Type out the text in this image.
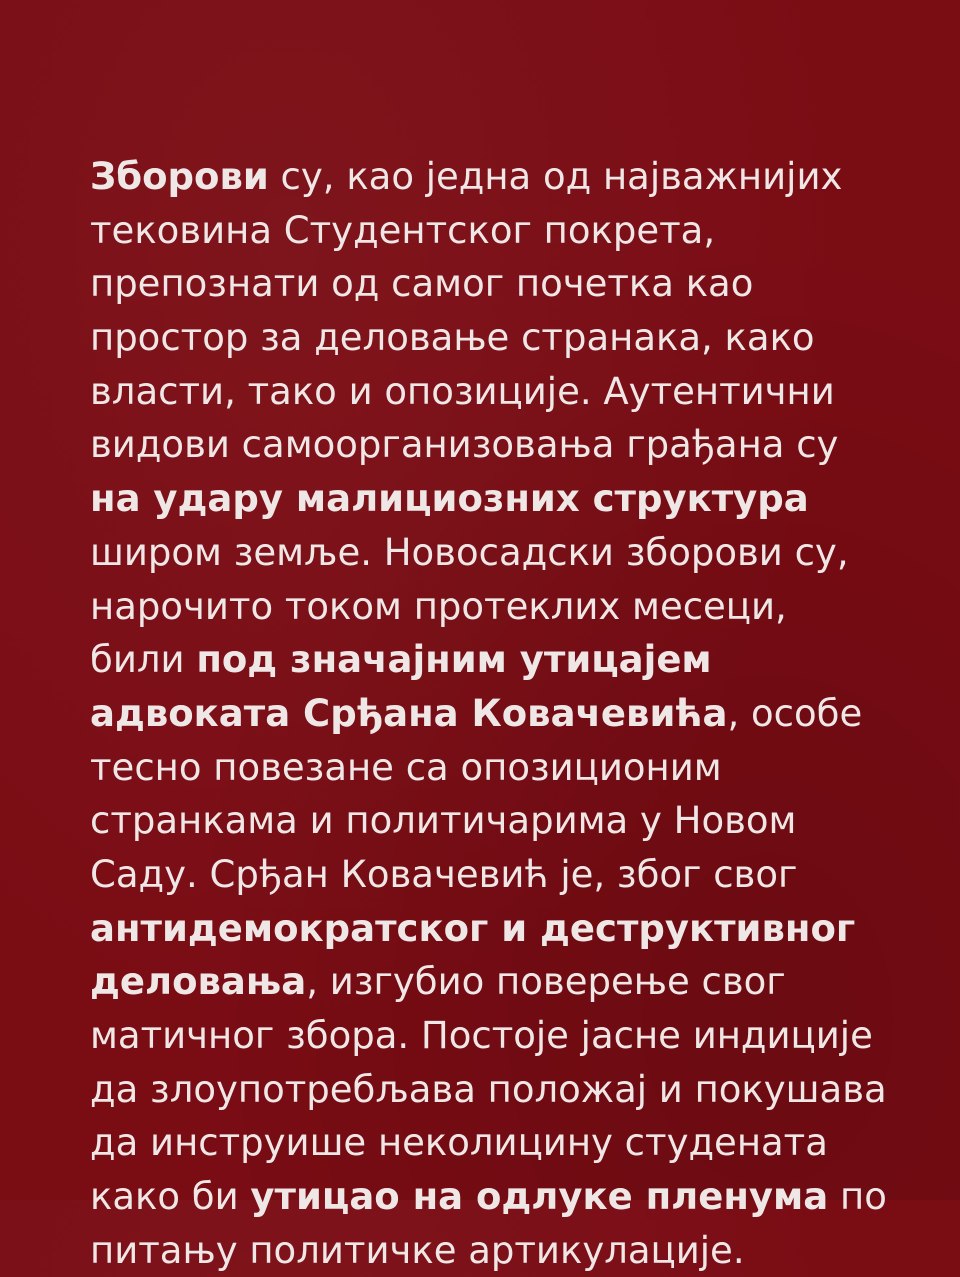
Зборови су, као једна од најважнијих
тековина Студентског покрета,
препознати од самог почетка као
простор за деловање странака, како
власти, тако и опозиције. Аутентични
видови самоорганизовања грађана су
на удару малициозних структура
широм земље. Новосадски зборови су,
нарочито током протеклих месеци,
били под значајним утицајем
адвоката Срђана Ковачевића, особе
тесно повезане са опозиционим
странкама и политичарима у Новом
Саду. Срђан Ковачевић је, због свог
антидемократског и деструктивног
деловања, изгубио поверење свог
матичног збора. Постоје јасне индиције
да злоупотребљава положај и покушава
да инструише неколицину студената
како би утицао на одлуке пленума по
питању политичке артикулације.
